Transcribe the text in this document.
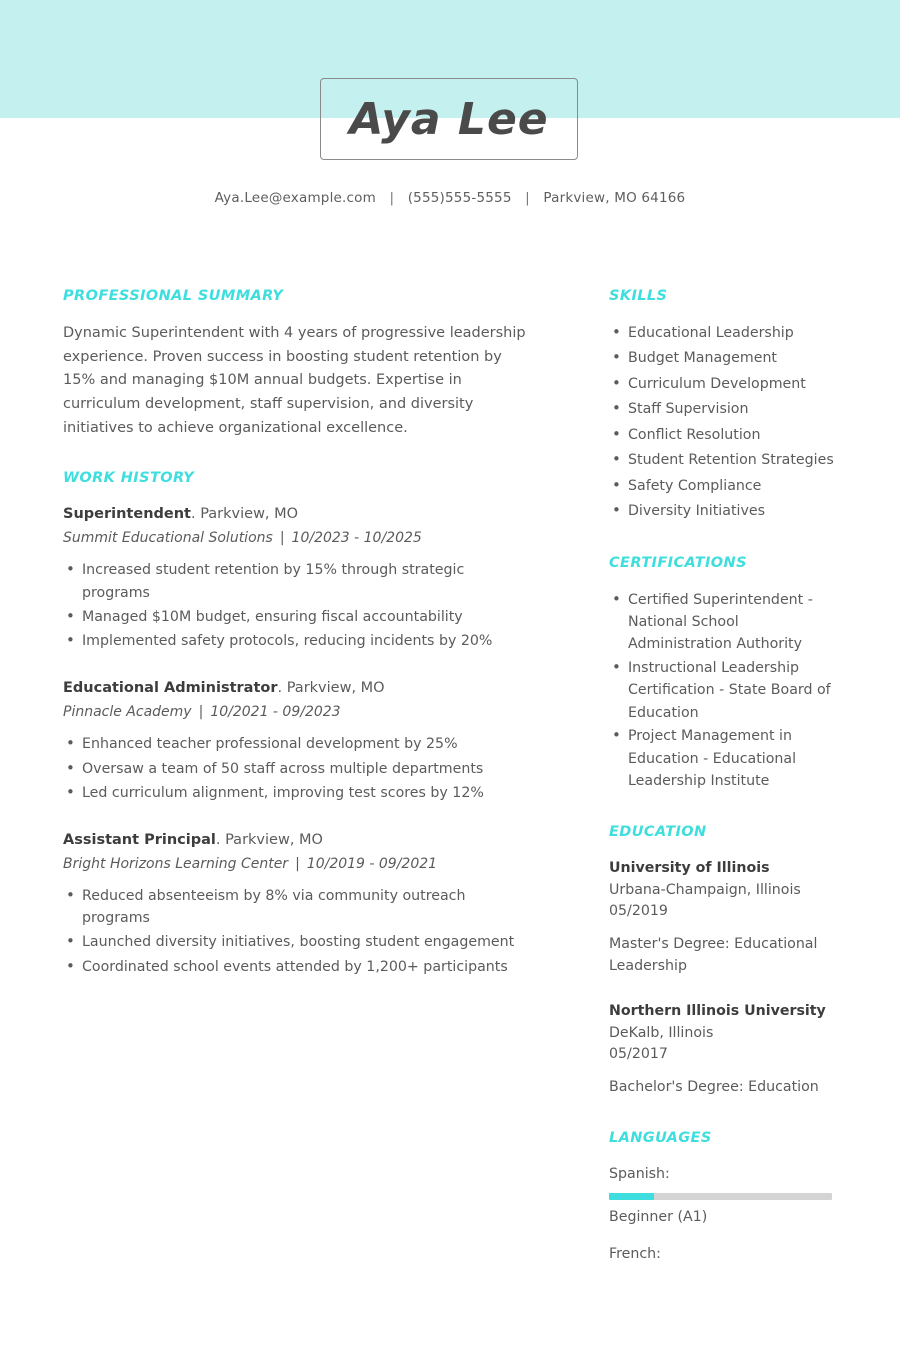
Aya Lee
Aya.Lee@example.com | (555)555-5555 | Parkview, MO 64166
PROFESSIONAL SUMMARY

Dynamic Superintendent with 4 years of progressive leadership experience. Proven success in boosting student retention by 15% and managing $10M annual budgets. Expertise in curriculum development, staff supervision, and diversity initiatives to achieve organizational excellence.

WORK HISTORY
Superintendent. Parkview, MO
Summit Educational Solutions | 10/2023 - 10/2025
• Increased student retention by 15% through strategic programs
• Managed $10M budget, ensuring fiscal accountability
• Implemented safety protocols, reducing incidents by 20%
Educational Administrator. Parkview, MO
Pinnacle Academy | 10/2021 - 09/2023
• Enhanced teacher professional development by 25%
• Oversaw a team of 50 staff across multiple departments
• Led curriculum alignment, improving test scores by 12%
Assistant Principal. Parkview, MO
Bright Horizons Learning Center | 10/2019 - 09/2021
• Reduced absenteeism by 8% via community outreach programs
• Launched diversity initiatives, boosting student engagement
• Coordinated school events attended by 1,200+ participants
SKILLS
• Educational Leadership
• Budget Management
• Curriculum Development
• Staff Supervision
• Conflict Resolution
• Student Retention Strategies
• Safety Compliance
• Diversity Initiatives
CERTIFICATIONS
• Certified Superintendent - National School Administration Authority
• Instructional Leadership Certification - State Board of Education
• Project Management in Education - Educational Leadership Institute
EDUCATION
University of Illinois
Urbana-Champaign, Illinois
05/2019
Master's Degree: Educational Leadership
Northern Illinois University
DeKalb, Illinois
05/2017
Bachelor's Degree: Education
LANGUAGES
Spanish:
Beginner (A1)
French:
